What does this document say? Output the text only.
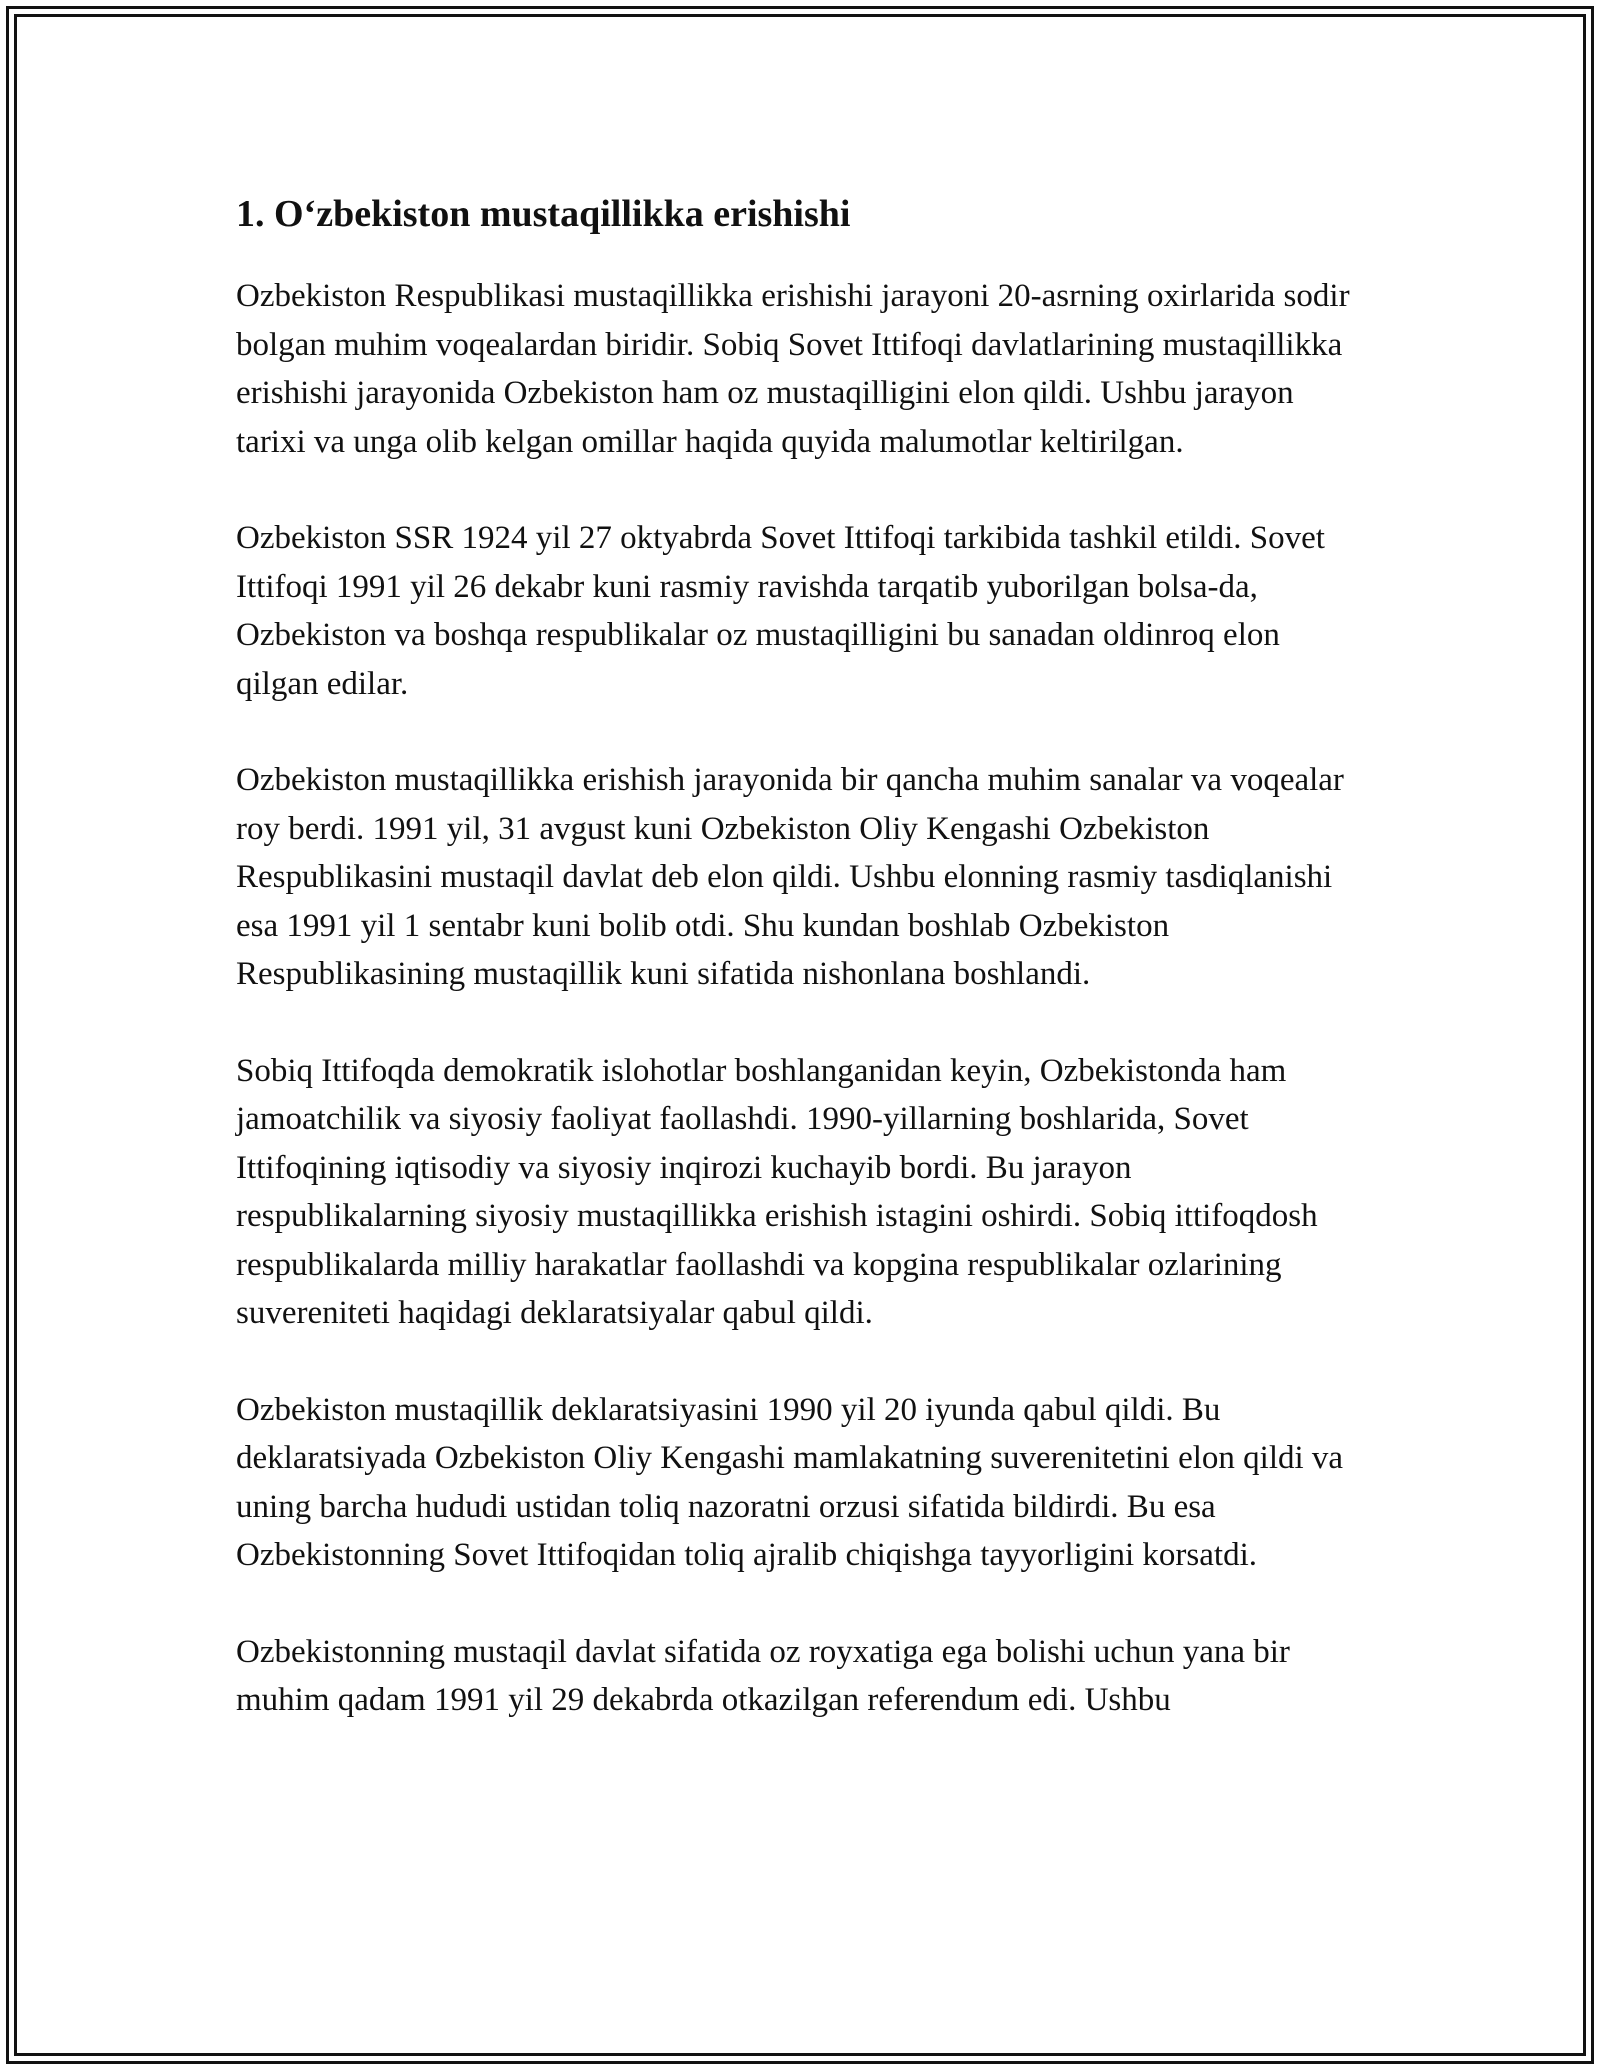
1. O‘zbekiston mustaqillikka erishishi

Ozbekiston Respublikasi mustaqillikka erishishi jarayoni 20-asrning oxirlarida sodir bolgan muhim voqealardan biridir. Sobiq Sovet Ittifoqi davlatlarining mustaqillikka erishishi jarayonida Ozbekiston ham oz mustaqilligini elon qildi. Ushbu jarayon tarixi va unga olib kelgan omillar haqida quyida malumotlar keltirilgan.

Ozbekiston SSR 1924 yil 27 oktyabrda Sovet Ittifoqi tarkibida tashkil etildi. Sovet Ittifoqi 1991 yil 26 dekabr kuni rasmiy ravishda tarqatib yuborilgan bolsa-da, Ozbekiston va boshqa respublikalar oz mustaqilligini bu sanadan oldinroq elon qilgan edilar.

Ozbekiston mustaqillikka erishish jarayonida bir qancha muhim sanalar va voqealar roy berdi. 1991 yil, 31 avgust kuni Ozbekiston Oliy Kengashi Ozbekiston Respublikasini mustaqil davlat deb elon qildi. Ushbu elonning rasmiy tasdiqlanishi esa 1991 yil 1 sentabr kuni bolib otdi. Shu kundan boshlab Ozbekiston Respublikasining mustaqillik kuni sifatida nishonlana boshlandi.

Sobiq Ittifoqda demokratik islohotlar boshlanganidan keyin, Ozbekistonda ham jamoatchilik va siyosiy faoliyat faollashdi. 1990-yillarning boshlarida, Sovet Ittifoqining iqtisodiy va siyosiy inqirozi kuchayib bordi. Bu jarayon respublikalarning siyosiy mustaqillikka erishish istagini oshirdi. Sobiq ittifoqdosh respublikalarda milliy harakatlar faollashdi va kopgina respublikalar ozlarining suvereniteti haqidagi deklaratsiyalar qabul qildi.

Ozbekiston mustaqillik deklaratsiyasini 1990 yil 20 iyunda qabul qildi. Bu deklaratsiyada Ozbekiston Oliy Kengashi mamlakatning suverenitetini elon qildi va uning barcha hududi ustidan toliq nazoratni orzusi sifatida bildirdi. Bu esa Ozbekistonning Sovet Ittifoqidan toliq ajralib chiqishga tayyorligini korsatdi.

Ozbekistonning mustaqil davlat sifatida oz royxatiga ega bolishi uchun yana bir muhim qadam 1991 yil 29 dekabrda otkazilgan referendum edi. Ushbu
